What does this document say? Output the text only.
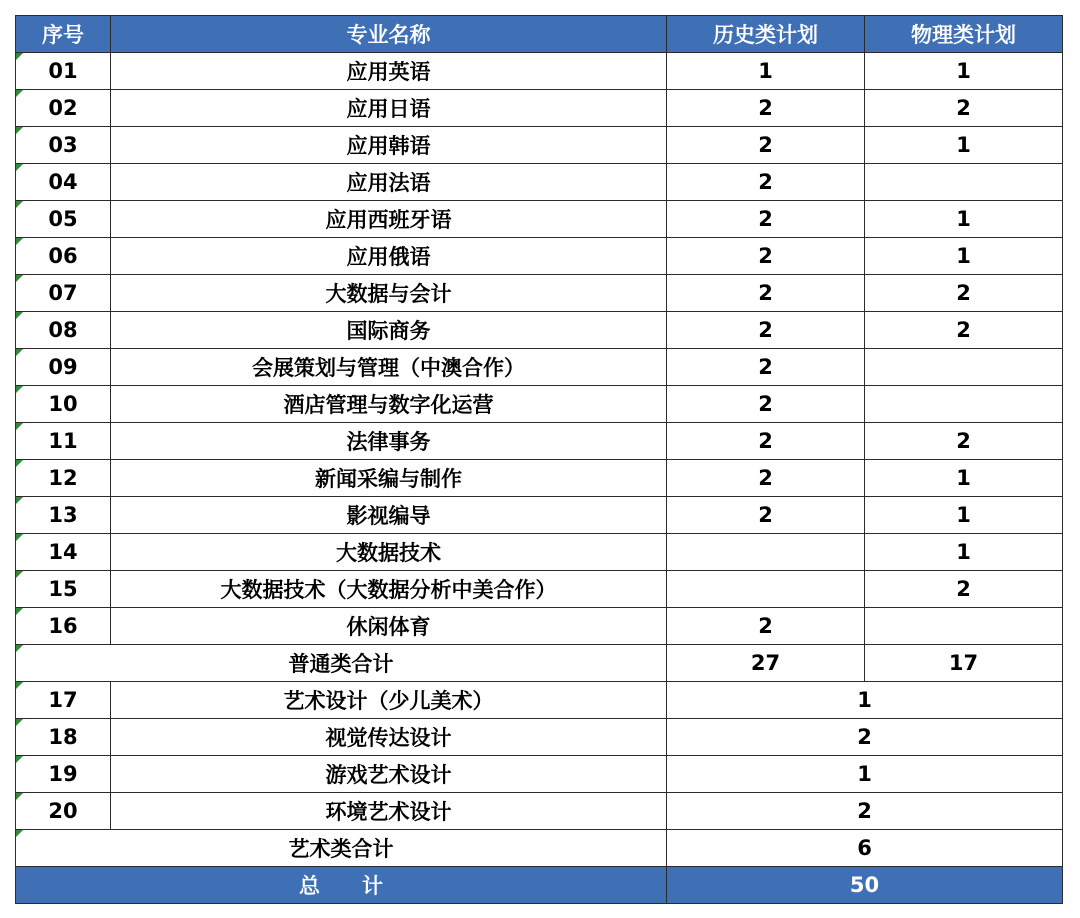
序号	专业名称	历史类计划	物理类计划
01	应用英语	1	1
02	应用日语	2	2
03	应用韩语	2	1
04	应用法语	2	
05	应用西班牙语	2	1
06	应用俄语	2	1
07	大数据与会计	2	2
08	国际商务	2	2
09	会展策划与管理（中澳合作）	2	
10	酒店管理与数字化运营	2	
11	法律事务	2	2
12	新闻采编与制作	2	1
13	影视编导	2	1
14	大数据技术		1
15	大数据技术（大数据分析中美合作）		2
16	休闲体育	2	
普通类合计		27	17
17	艺术设计（少儿美术）	1	
18	视觉传达设计	2	
19	游戏艺术设计	1	
20	环境艺术设计	2	
艺术类合计		6	
总　　计		50	
